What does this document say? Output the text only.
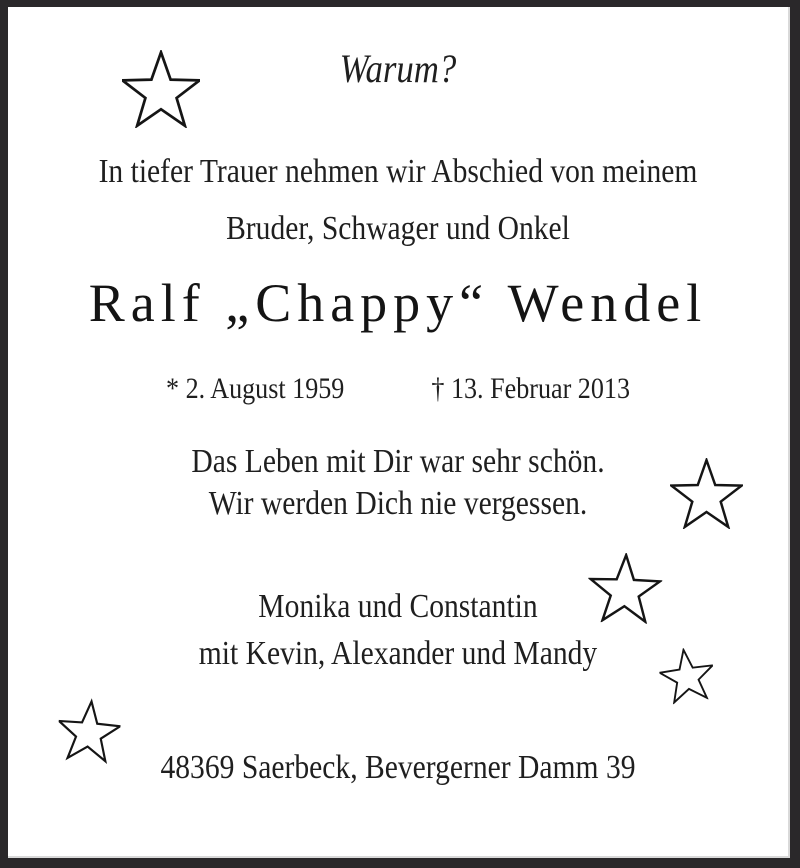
Warum?
In tiefer Trauer nehmen wir Abschied von meinem
Bruder, Schwager und Onkel
Ralf „Chappy“ Wendel
* 2. August 1959	† 13. Februar 2013
Das Leben mit Dir war sehr schön.
Wir werden Dich nie vergessen.
Monika und Constantin
mit Kevin, Alexander und Mandy
48369 Saerbeck, Bevergerner Damm 39
